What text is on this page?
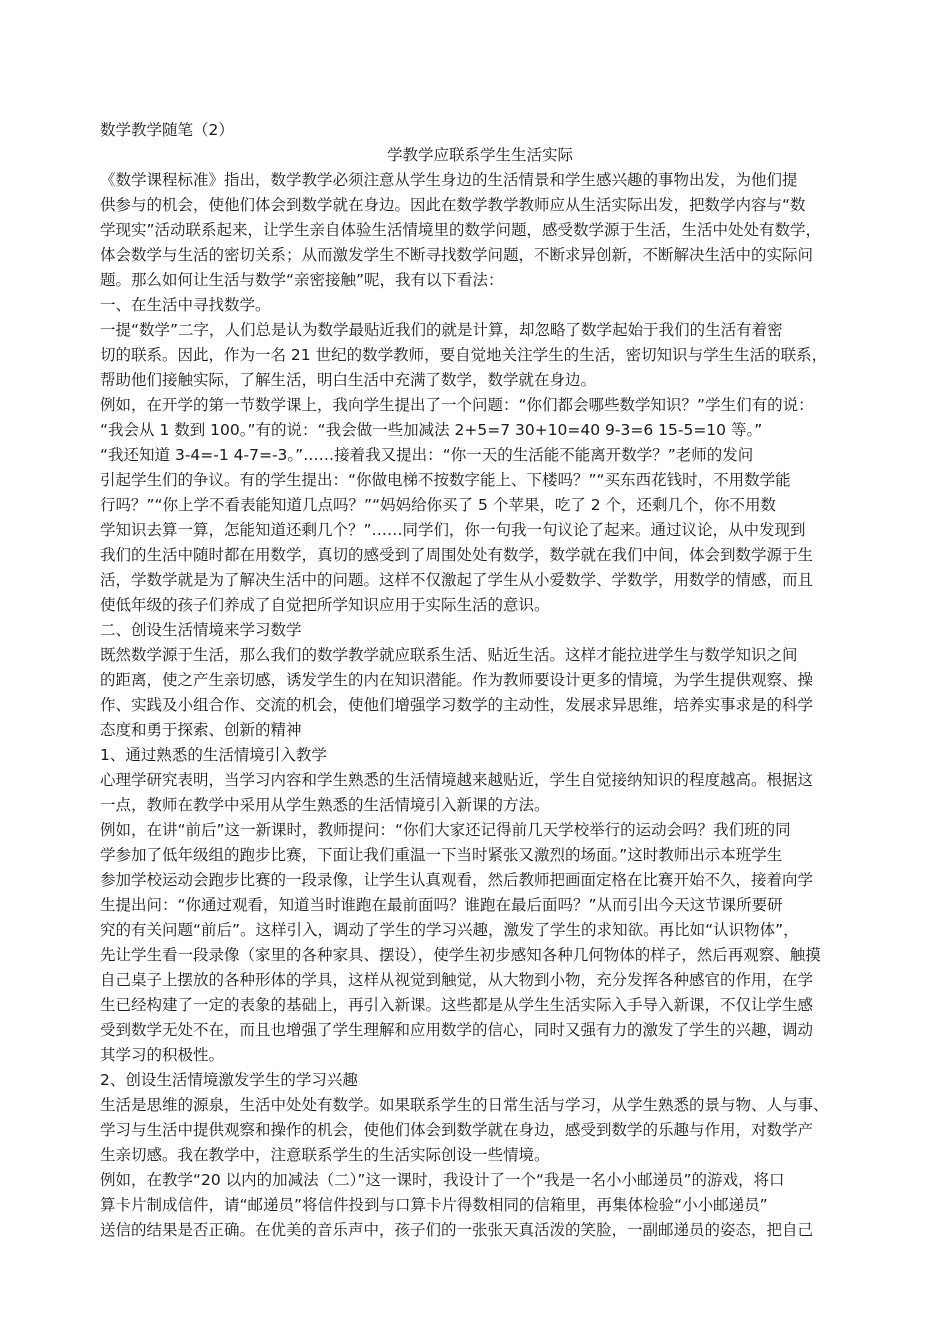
数学教学随笔（2）
学教学应联系学生生活实际
《数学课程标准》指出，数学教学必须注意从学生身边的生活情景和学生感兴趣的事物出发，为他们提
供参与的机会，使他们体会到数学就在身边。因此在数学教学教师应从生活实际出发，把数学内容与“数
学现实”活动联系起来，让学生亲自体验生活情境里的数学问题，感受数学源于生活，生活中处处有数学，
体会数学与生活的密切关系；从而激发学生不断寻找数学问题，不断求异创新，不断解决生活中的实际问
题。那么如何让生活与数学“亲密接触”呢，我有以下看法：
一、在生活中寻找数学。
一提“数学”二字，人们总是认为数学最贴近我们的就是计算，却忽略了数学起始于我们的生活有着密
切的联系。因此，作为一名 21 世纪的数学教师，要自觉地关注学生的生活，密切知识与学生生活的联系，
帮助他们接触实际，了解生活，明白生活中充满了数学，数学就在身边。
例如，在开学的第一节数学课上，我向学生提出了一个问题：“你们都会哪些数学知识？”学生们有的说：
“我会从 1 数到 100。”有的说：“我会做一些加减法 2+5=7 30+10=40 9-3=6 15-5=10 等。”
“我还知道 3-4=-1 4-7=-3。”……接着我又提出：“你一天的生活能不能离开数学？”老师的发问
引起学生们的争议。有的学生提出：“你做电梯不按数字能上、下楼吗？”“买东西花钱时，不用数学能
行吗？”“你上学不看表能知道几点吗？”“妈妈给你买了 5 个苹果，吃了 2 个，还剩几个，你不用数
学知识去算一算，怎能知道还剩几个？”……同学们，你一句我一句议论了起来。通过议论，从中发现到
我们的生活中随时都在用数学，真切的感受到了周围处处有数学，数学就在我们中间，体会到数学源于生
活，学数学就是为了解决生活中的问题。这样不仅激起了学生从小爱数学、学数学，用数学的情感，而且
使低年级的孩子们养成了自觉把所学知识应用于实际生活的意识。
二、创设生活情境来学习数学
既然数学源于生活，那么我们的数学教学就应联系生活、贴近生活。这样才能拉进学生与数学知识之间
的距离，使之产生亲切感，诱发学生的内在知识潜能。作为教师要设计更多的情境，为学生提供观察、操
作、实践及小组合作、交流的机会，使他们增强学习数学的主动性，发展求异思维，培养实事求是的科学
态度和勇于探索、创新的精神
1、通过熟悉的生活情境引入教学
心理学研究表明，当学习内容和学生熟悉的生活情境越来越贴近，学生自觉接纳知识的程度越高。根据这
一点，教师在教学中采用从学生熟悉的生活情境引入新课的方法。
例如，在讲“前后”这一新课时，教师提问：“你们大家还记得前几天学校举行的运动会吗？我们班的同
学参加了低年级组的跑步比赛，下面让我们重温一下当时紧张又激烈的场面。”这时教师出示本班学生
参加学校运动会跑步比赛的一段录像，让学生认真观看，然后教师把画面定格在比赛开始不久，接着向学
生提出问：“你通过观看，知道当时谁跑在最前面吗？谁跑在最后面吗？”从而引出今天这节课所要研
究的有关问题“前后”。这样引入，调动了学生的学习兴趣，激发了学生的求知欲。再比如“认识物体”，
先让学生看一段录像（家里的各种家具、摆设），使学生初步感知各种几何物体的样子，然后再观察、触摸
自己桌子上摆放的各种形体的学具，这样从视觉到触觉，从大物到小物，充分发挥各种感官的作用，在学
生已经构建了一定的表象的基础上，再引入新课。这些都是从学生生活实际入手导入新课，不仅让学生感
受到数学无处不在，而且也增强了学生理解和应用数学的信心，同时又强有力的激发了学生的兴趣，调动
其学习的积极性。
2、创设生活情境激发学生的学习兴趣
生活是思维的源泉，生活中处处有数学。如果联系学生的日常生活与学习，从学生熟悉的景与物、人与事、
学习与生活中提供观察和操作的机会，使他们体会到数学就在身边，感受到数学的乐趣与作用，对数学产
生亲切感。我在教学中，注意联系学生的生活实际创设一些情境。
例如，在教学“20 以内的加减法（二）”这一课时，我设计了一个“我是一名小小邮递员”的游戏，将口
算卡片制成信件，请“邮递员”将信件投到与口算卡片得数相同的信箱里，再集体检验“小小邮递员”
送信的结果是否正确。在优美的音乐声中，孩子们的一张张天真活泼的笑脸，一副邮递员的姿态，把自己
